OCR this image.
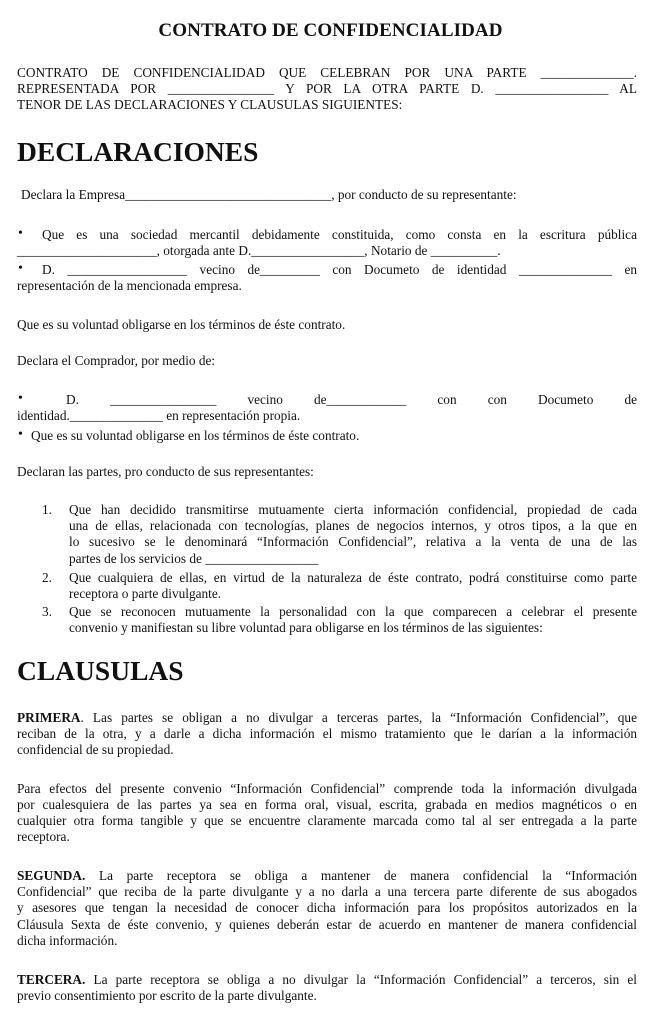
CONTRATO DE CONFIDENCIALIDAD
CONTRATO DE CONFIDENCIALIDAD QUE CELEBRAN POR UNA PARTE ______________.
REPRESENTADA POR ________________ Y POR LA OTRA PARTE D. _________________ AL
TENOR DE LAS DECLARACIONES Y CLAUSULAS SIGUIENTES:
DECLARACIONES
Declara la Empresa_______________________________, por conducto de su representante:
• Que es una sociedad mercantil debidamente constituida, como consta en la escritura pública
_____________________, otorgada ante D._________________, Notario de __________.
• D. __________________ vecino de_________ con Documeto de identidad ______________ en
representación de la mencionada empresa.
Que es su voluntad obligarse en los términos de éste contrato.
Declara el Comprador, por medio de:
•	D. ________________ vecino de____________ con con Documeto de
identidad.______________ en representación propia.
• Que es su voluntad obligarse en los términos de éste contrato.
Declaran las partes, pro conducto de sus representantes:
1. Que han decidido transmitirse mutuamente cierta información confidencial, propiedad de cada
una de ellas, relacionada con tecnologías, planes de negocios internos, y otros tipos, a la que en
lo sucesivo se le denominará “Información Confidencial”, relativa a la venta de una de las
partes de los servicios de _________________
2. Que cualquiera de ellas, en virtud de la naturaleza de éste contrato, podrá constituirse como parte
receptora o parte divulgante.
3. Que se reconocen mutuamente la personalidad con la que comparecen a celebrar el presente
convenio y manifiestan su libre voluntad para obligarse en los términos de las siguientes:
CLAUSULAS
PRIMERA. Las partes se obligan a no divulgar a terceras partes, la “Información Confidencial”, que
reciban de la otra, y a darle a dicha información el mismo tratamiento que le darían a la información
confidencial de su propiedad.
Para efectos del presente convenio “Información Confidencial” comprende toda la información divulgada
por cualesquiera de las partes ya sea en forma oral, visual, escrita, grabada en medios magnéticos o en
cualquier otra forma tangible y que se encuentre claramente marcada como tal al ser entregada a la parte
receptora.
SEGUNDA. La parte receptora se obliga a mantener de manera confidencial la “Información
Confidencial” que reciba de la parte divulgante y a no darla a una tercera parte diferente de sus abogados
y asesores que tengan la necesidad de conocer dicha información para los propósitos autorizados en la
Cláusula Sexta de éste convenio, y quienes deberán estar de acuerdo en mantener de manera confidencial
dicha información.
TERCERA. La parte receptora se obliga a no divulgar la “Información Confidencial” a terceros, sin el
previo consentimiento por escrito de la parte divulgante.
